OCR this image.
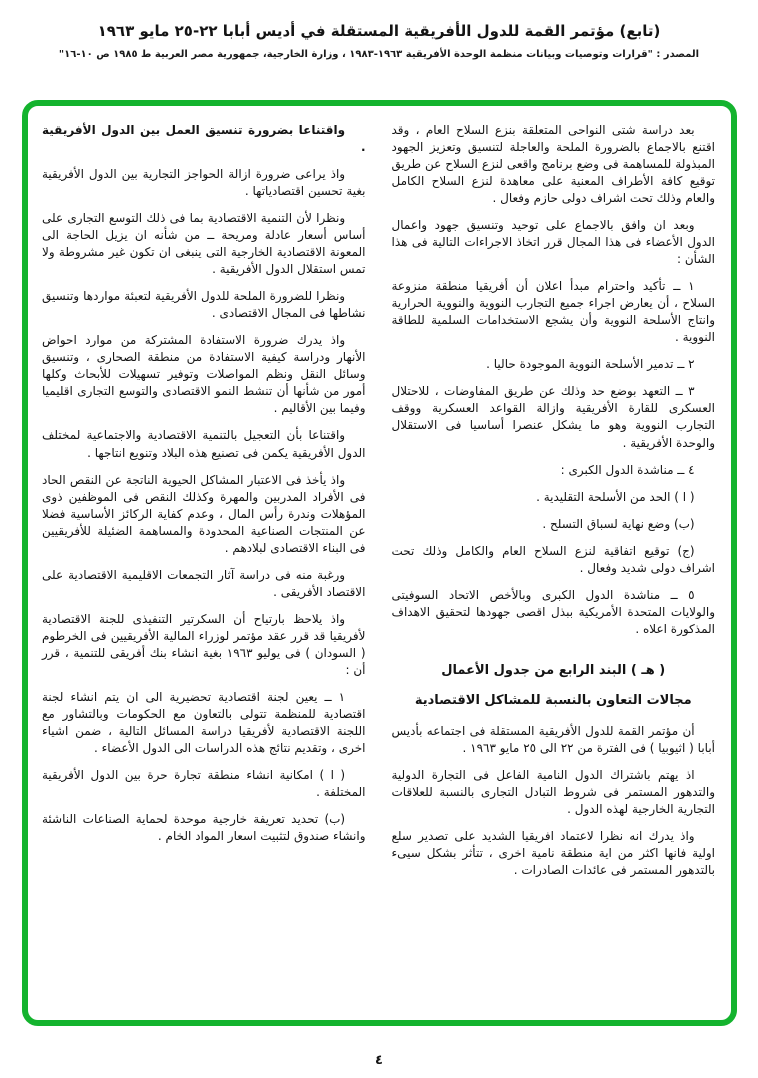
(تابع) مؤتمر القمة للدول الأفريقية المستقلة في أديس أبابا ٢٢-٢٥ مايو ١٩٦٣
المصدر : "قرارات وتوصيات وبيانات منظمة الوحدة الأفريقية ١٩٦٣-١٩٨٣ ، وزارة الخارجية، جمهورية مصر العربية ط ١٩٨٥ ص ١٠-١٦"

بعد دراسة شتى النواحى المتعلقة بنزع السلاح العام ، وقد اقتنع بالاجماع بالضرورة الملحة والعاجلة لتنسيق وتعزيز الجهود المبذولة للمساهمة فى وضع برنامج واقعى لنزع السلاح عن طريق توقيع كافة الأطراف المعنية على معاهدة لنزع السلاح الكامل والعام وذلك تحت اشراف دولى حازم وفعال .

وبعد ان وافق بالاجماع على توحيد وتنسيق جهود واعمال الدول الأعضاء فى هذا المجال قرر اتخاذ الاجراءات التالية فى هذا الشأن :

١ ــ تأكيد واحترام مبدأ اعلان أن أفريقيا منطقة منزوعة السلاح ، أن يعارض اجراء جميع التجارب النووية والنووية الحرارية وانتاج الأسلحة النووية وأن يشجع الاستخدامات السلمية للطاقة النووية .

٢ ــ تدمير الأسلحة النووية الموجودة حاليا .

٣ ــ التعهد بوضع حد وذلك عن طريق المفاوضات ، للاحتلال العسكرى للقارة الأفريقية وازالة القواعد العسكرية ووقف التجارب النووية وهو ما يشكل عنصرا أساسيا فى الاستقلال والوحدة الأفريقية .

٤ ــ مناشدة الدول الكبرى :

( ا ) الحد من الأسلحة التقليدية .

(ب) وضع نهاية لسباق التسلح .

(ج) توقيع اتفاقية لنزع السلاح العام والكامل وذلك تحت اشراف دولى شديد وفعال .

٥ ــ مناشدة الدول الكبرى وبالأخص الاتحاد السوفيتى والولايات المتحدة الأمريكية ببذل اقصى جهودها لتحقيق الاهداف المذكورة اعلاه .

( هـ ) البند الرابع من جدول الأعمال

مجالات التعاون بالنسبة للمشاكل الاقتصادية

أن مؤتمر القمة للدول الأفريقية المستقلة فى اجتماعه بأديس أبابا ( اثيوبيا ) فى الفترة من ٢٢ الى ٢٥ مايو ١٩٦٣ .

اذ يهتم باشتراك الدول النامية الفاعل فى التجارة الدولية والتدهور المستمر فى شروط التبادل التجارى بالنسبة للعلاقات التجارية الخارجية لهذه الدول .

واذ يدرك انه نظرا لاعتماد افريقيا الشديد على تصدير سلع اولية فانها اكثر من اية منطقة نامية اخرى ، تتأثر بشكل سيىء بالتدهور المستمر فى عائدات الصادرات .

واقتناعا بضرورة تنسيق العمل بين الدول الأفريقية .

واذ يراعى ضرورة ازالة الحواجز التجارية بين الدول الأفريقية بغية تحسين اقتصادياتها .

ونظرا لأن التنمية الاقتصادية بما فى ذلك التوسع التجارى على أساس أسعار عادلة ومريحة ــ من شأنه ان يزيل الحاجة الى المعونة الاقتصادية الخارجية التى ينبغى ان تكون غير مشروطة ولا تمس استقلال الدول الأفريقية .

ونظرا للضرورة الملحة للدول الأفريقية لتعبئة مواردها وتنسيق نشاطها فى المجال الاقتصادى .

واذ يدرك ضرورة الاستفادة المشتركة من موارد احواض الأنهار ودراسة كيفية الاستفادة من منطقة الصحارى ، وتنسيق وسائل النقل ونظم المواصلات وتوفير تسهيلات للأبحاث وكلها أمور من شأنها أن تنشط النمو الاقتصادى والتوسع التجارى اقليميا وفيما بين الأقاليم .

واقتناعا بأن التعجيل بالتنمية الاقتصادية والاجتماعية لمختلف الدول الأفريقية يكمن فى تصنيع هذه البلاد وتنويع انتاجها .

واذ يأخذ فى الاعتبار المشاكل الحيوية الناتجة عن النقص الحاد فى الأفراد المدربين والمهرة وكذلك النقص فى الموظفين ذوى المؤهلات وندرة رأس المال ، وعدم كفاية الركائز الأساسية فضلا عن المنتجات الصناعية المحدودة والمساهمة الضئيلة للأفريقيين فى البناء الاقتصادى لبلادهم .

ورغبة منه فى دراسة آثار التجمعات الاقليمية الاقتصادية على الاقتصاد الأفريقى .

واذ يلاحظ بارتياح أن السكرتير التنفيذى للجنة الاقتصادية لأفريقيا قد قرر عقد مؤتمر لوزراء المالية الأفريقيين فى الخرطوم ( السودان ) فى يوليو ١٩٦٣ بغية انشاء بنك أفريقى للتنمية ، قرر أن :

١ ــ يعين لجنة اقتصادية تحضيرية الى ان يتم انشاء لجنة اقتصادية للمنظمة تتولى بالتعاون مع الحكومات وبالتشاور مع اللجنة الاقتصادية لأفريقيا دراسة المسائل التالية ، ضمن اشياء اخرى ، وتقديم نتائج هذه الدراسات الى الدول الأعضاء .

( ا ) امكانية انشاء منطقة تجارة حرة بين الدول الأفريقية المختلفة .

(ب) تحديد تعريفة خارجية موحدة لحماية الصناعات الناشئة وانشاء صندوق لتثبيت اسعار المواد الخام .

٤
